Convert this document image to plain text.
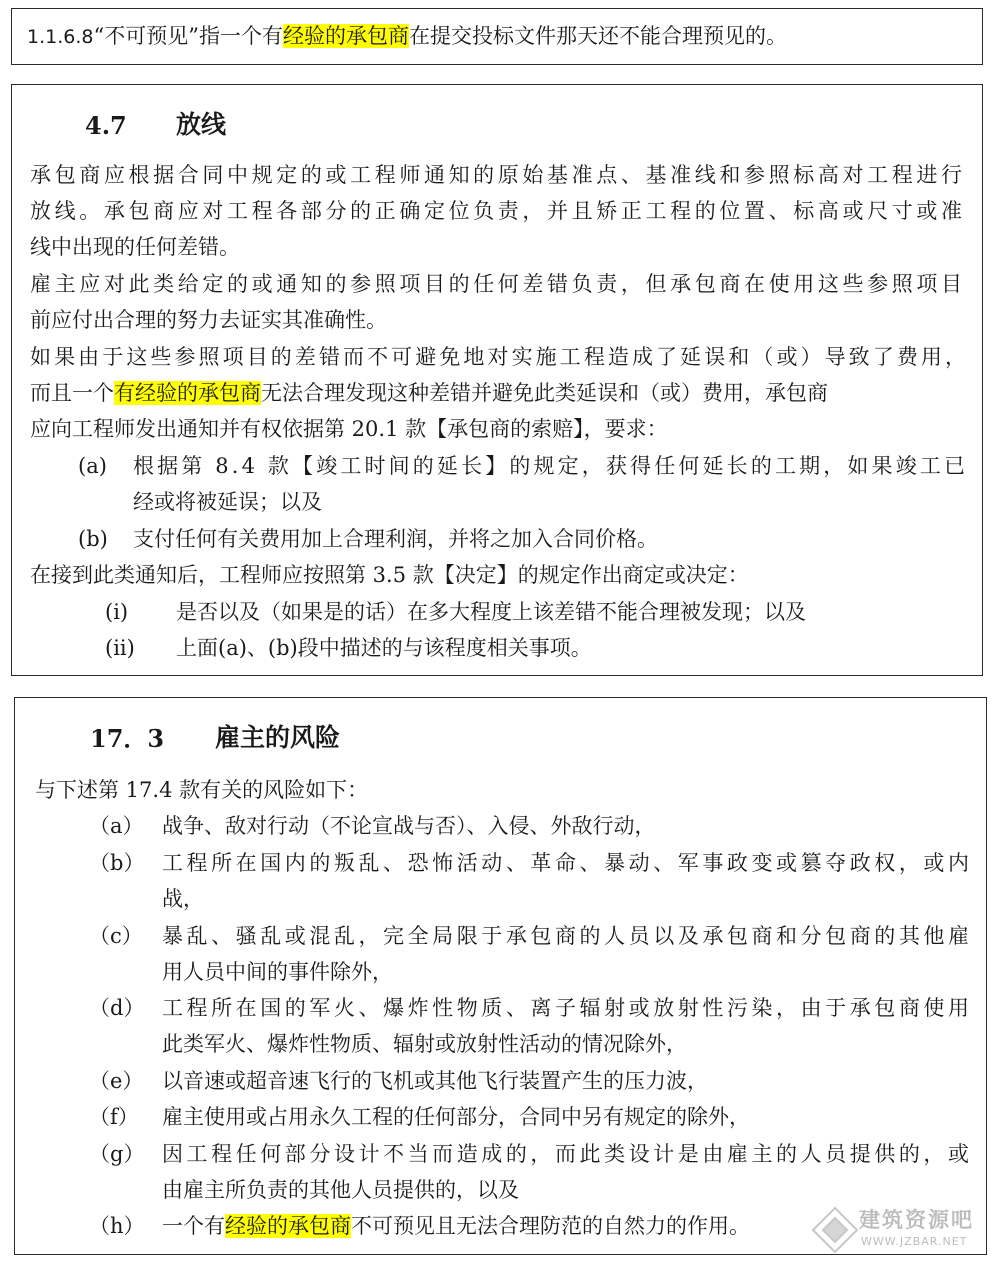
1.1.6.8“不可预见”指一个有经验的承包商在提交投标文件那天还不能合理预见的。
4.7 放线
承包商应根据合同中规定的或工程师通知的原始基准点、基准线和参照标高对工程进行
放线。承包商应对工程各部分的正确定位负责，并且矫正工程的位置、标高或尺寸或准
线中出现的任何差错。
雇主应对此类给定的或通知的参照项目的任何差错负责，但承包商在使用这些参照项目
前应付出合理的努力去证实其准确性。
如果由于这些参照项目的差错而不可避免地对实施工程造成了延误和（或）导致了费用，
而且一个有经验的承包商无法合理发现这种差错并避免此类延误和（或）费用，承包商
应向工程师发出通知并有权依据第 20.1 款【承包商的索赔】，要求：
(a) 根据第 8.4 款【竣工时间的延长】的规定，获得任何延长的工期，如果竣工已
经或将被延误；以及
(b) 支付任何有关费用加上合理利润，并将之加入合同价格。
在接到此类通知后，工程师应按照第 3.5 款【决定】的规定作出商定或决定：
(i) 是否以及（如果是的话）在多大程度上该差错不能合理被发现；以及
(ii) 上面(a)、(b)段中描述的与该程度相关事项。
17．3 雇主的风险
与下述第 17.4 款有关的风险如下：
（a） 战争、敌对行动（不论宣战与否）、入侵、外敌行动，
（b） 工程所在国内的叛乱、恐怖活动、革命、暴动、军事政变或篡夺政权，或内
战，
（c） 暴乱、骚乱或混乱，完全局限于承包商的人员以及承包商和分包商的其他雇
用人员中间的事件除外，
（d） 工程所在国的军火、爆炸性物质、离子辐射或放射性污染，由于承包商使用
此类军火、爆炸性物质、辐射或放射性活动的情况除外，
（e） 以音速或超音速飞行的飞机或其他飞行装置产生的压力波，
（f） 雇主使用或占用永久工程的任何部分，合同中另有规定的除外，
（g） 因工程任何部分设计不当而造成的，而此类设计是由雇主的人员提供的，或
由雇主所负责的其他人员提供的，以及
（h） 一个有经验的承包商不可预见且无法合理防范的自然力的作用。	建筑资源吧
WWW.JZBAR.NET
